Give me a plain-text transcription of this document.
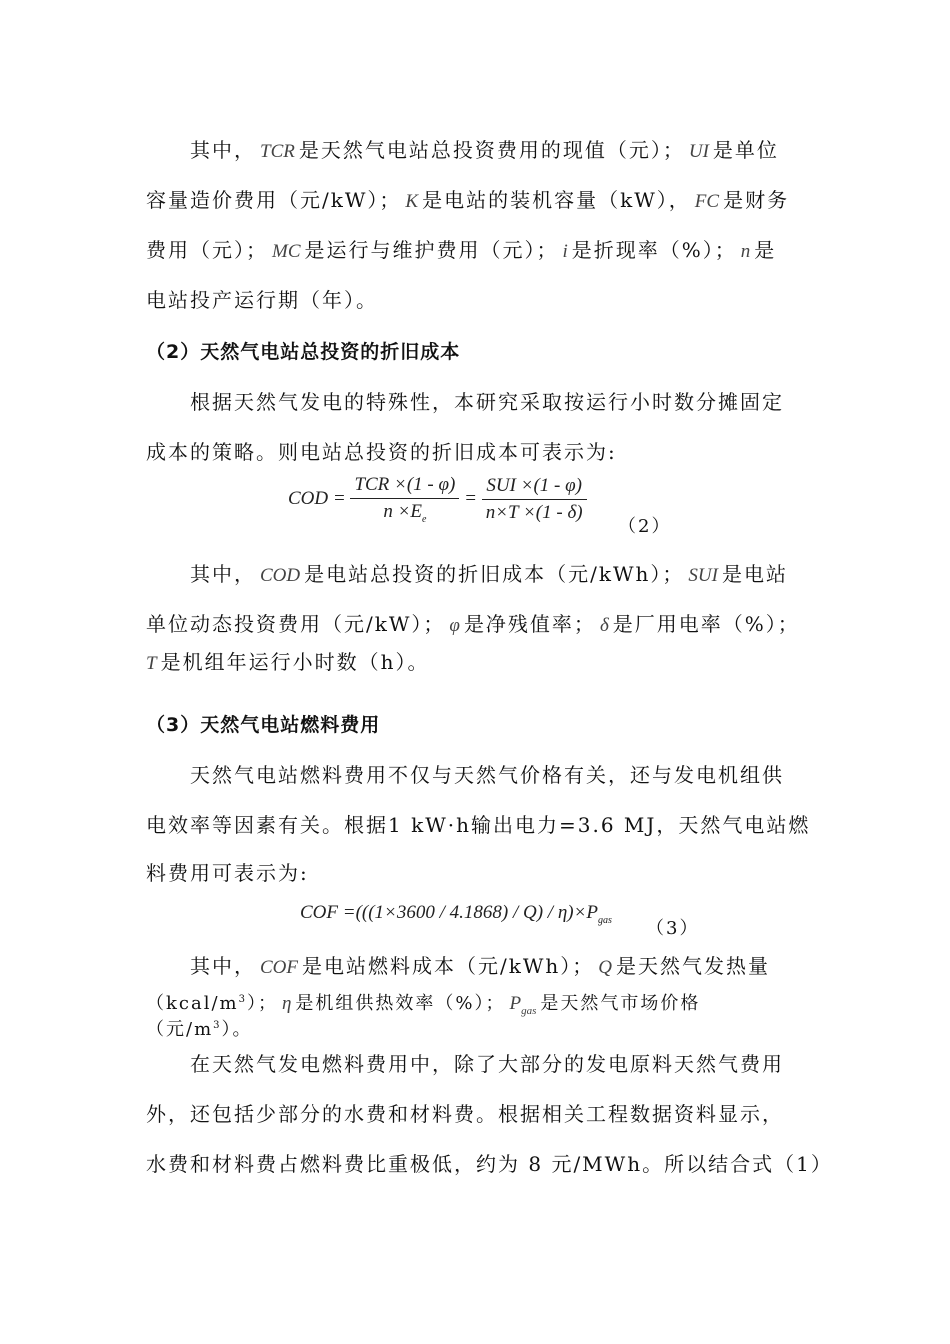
其中， TCR 是天然气电站总投资费用的现值（元）； UI 是单位
容量造价费用（元/kW）； K 是电站的装机容量（kW）， FC 是财务
费用（元）； MC 是运行与维护费用（元）； i 是折现率（%）； n 是
电站投产运行期（年）。
（2）天然气电站总投资的折旧成本
根据天然气发电的特殊性，本研究采取按运行小时数分摊固定
成本的策略。则电站总投资的折旧成本可表示为:
COD = $\frac{\text{TCR ×(1 - φ)}}{n \times E_e} = \frac{\text{SUI ×(1 - φ)}}{n\times T \times(1 - \delta)}$
（2）
其中， COD 是电站总投资的折旧成本（元/kWh）； SUI 是电站
单位动态投资费用（元/kW）； φ 是净残值率； δ 是厂用电率（%）；
T 是机组年运行小时数（h）。
（3）天然气电站燃料费用
天然气电站燃料费用不仅与天然气价格有关，还与发电机组供
电效率等因素有关。根据1 kW·h输出电力=3.6 MJ，天然气电站燃
料费用可表示为:
COF $=(((1\times 3600 / 4.1868) / Q) / \eta)\times P_{gas}$ （3）
其中， COF 是电站燃料成本（元/kWh）； Q 是天然气发热量
$(kcal/m^3)$； η 是机组供热效率（%）； $P_{gas}$ 是天然气市场价格
（元$/m^3$）。
在天然气发电燃料费用中，除了大部分的发电原料天然气费用
外，还包括少部分的水费和材料费。根据相关工程数据资料显示，
水费和材料费占燃料费比重极低，约为 8 元/MWh。所以结合式（1）
